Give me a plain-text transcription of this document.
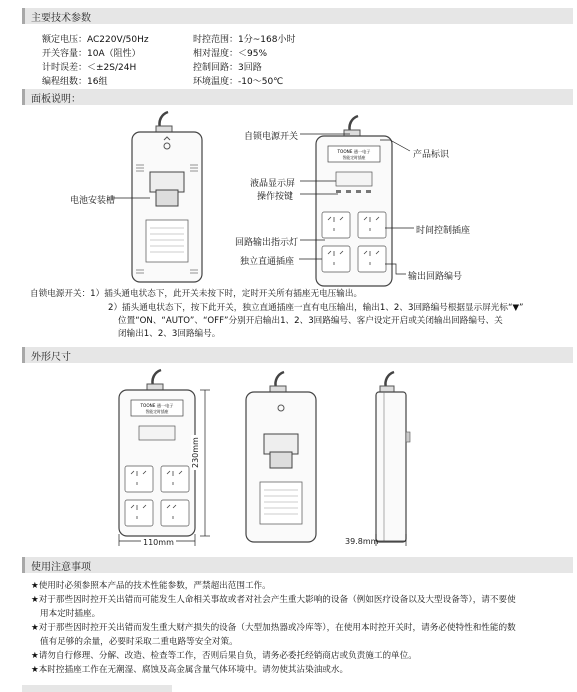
主要技术参数
额定电压：AC220V/50Hz
开关容量：10A（阻性）
计时误差：＜±2S/24H
编程组数：16组
时控范围：1分~168小时
相对湿度：＜95%
控制回路：3回路
环境温度：-10～50℃
面板说明：
电池安装槽
TOONE 通一电子
智能定时插座
自锁电源开关
产品标识
液晶显示屏
操作按键
时间控制插座
回路输出指示灯
独立直通插座
输出回路编号
自锁电源开关：1）插头通电状态下，此开关未按下时，定时开关所有插座无电压输出。
2）插头通电状态下，按下此开关，独立直通插座一直有电压输出，输出1、2、3回路编号根据显示屏光标“▼”
位置“ON、“AUTO”、“OFF”分别开启输出1、2、3回路编号、客户设定开启或关闭输出回路编号、关
闭输出1、2、3回路编号。
外形尺寸
TOONE 通一电子
智能定时插座
110mm
230mm
39.8mm
使用注意事项
★使用时必须参照本产品的技术性能参数，严禁超出范围工作。
★对于那些因时控开关出错而可能发生人命相关事故或者对社会产生重大影响的设备（例如医疗设备以及大型设备等），请不要使
用本定时插座。
★对于那些因时控开关出错而发生重大财产损失的设备（大型加热器或冷库等），在使用本时控开关时，请务必使特性和性能的数
值有足够的余量，必要时采取二重电路等安全对策。
★请勿自行修理、分解、改造、检查等工作，否则后果自负，请务必委托经销商店或负责施工的单位。
★本时控插座工作在无潮湿、腐蚀及高金属含量气体环境中。请勿使其沾染油或水。
